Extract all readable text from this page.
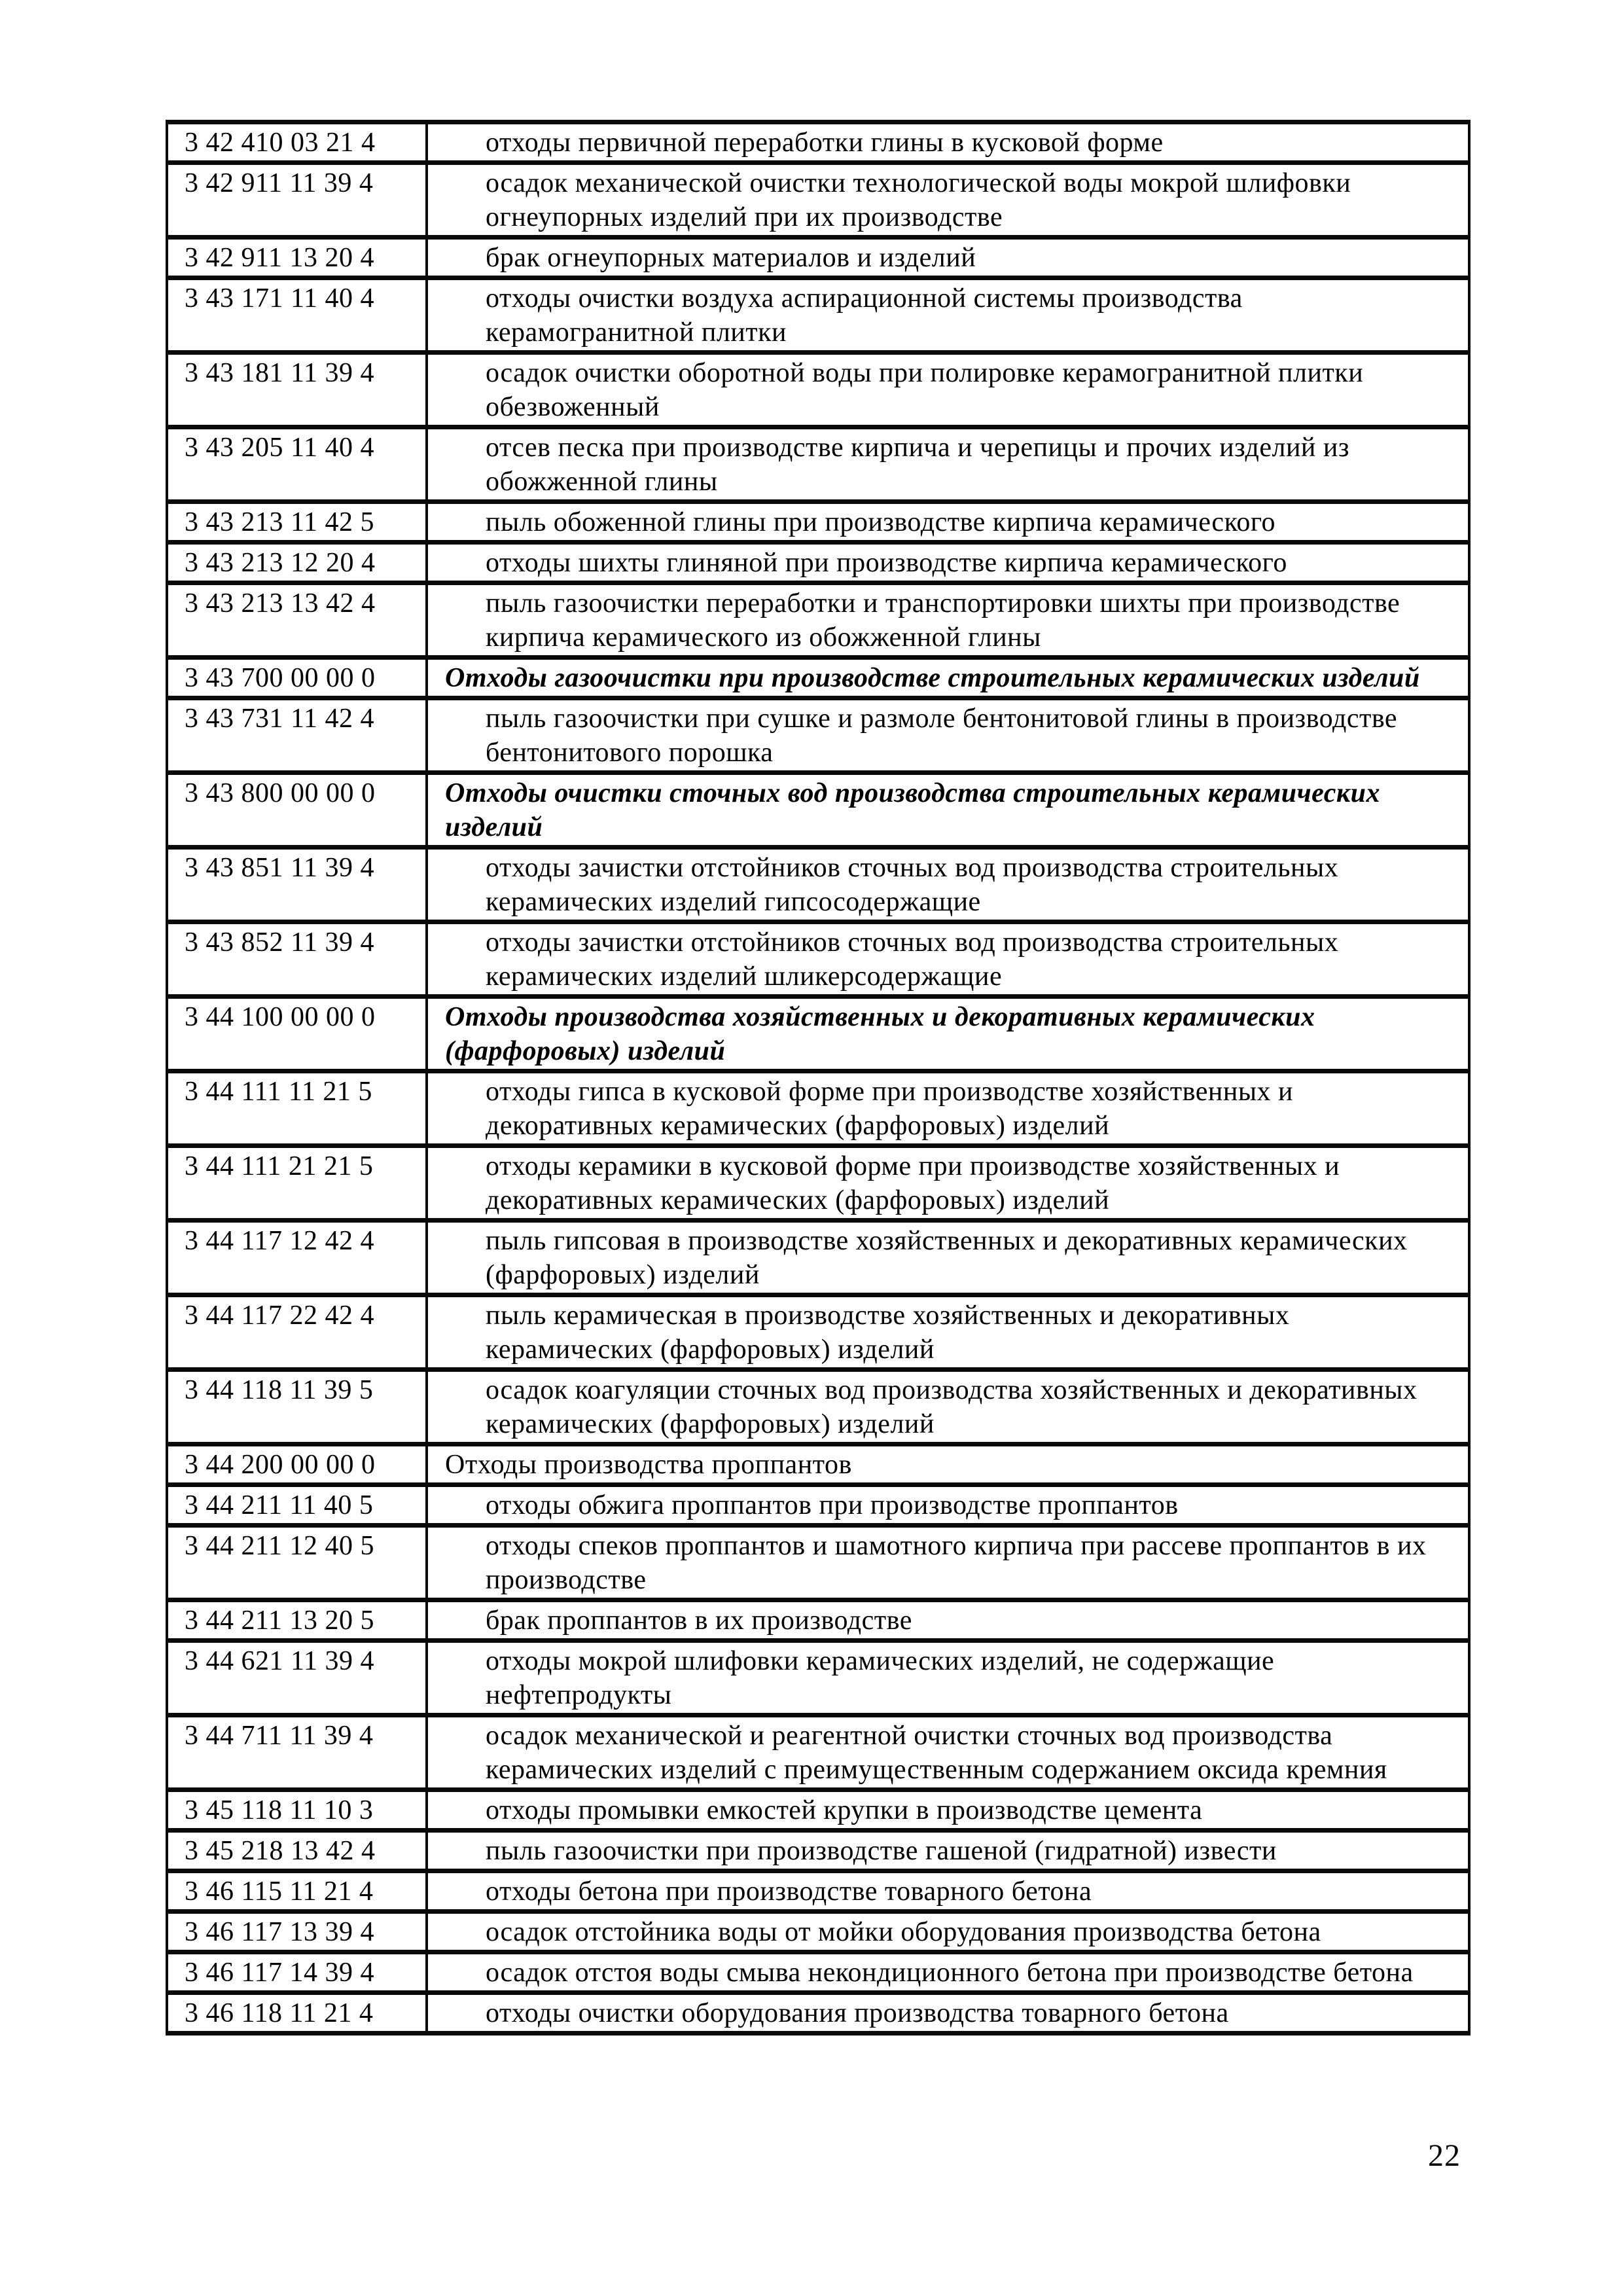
3 42 410 03 21 4	отходы первичной переработки глины в кусковой форме
3 42 911 11 39 4	осадок механической очистки технологической воды мокрой шлифовки огнеупорных изделий при их производстве
3 42 911 13 20 4	брак огнеупорных материалов и изделий
3 43 171 11 40 4	отходы очистки воздуха аспирационной системы производства керамогранитной плитки
3 43 181 11 39 4	осадок очистки оборотной воды при полировке керамогранитной плитки обезвоженный
3 43 205 11 40 4	отсев песка при производстве кирпича и черепицы и прочих изделий из обожженной глины
3 43 213 11 42 5	пыль обоженной глины при производстве кирпича керамического
3 43 213 12 20 4	отходы шихты глиняной при производстве кирпича керамического
3 43 213 13 42 4	пыль газоочистки переработки и транспортировки шихты при производстве кирпича керамического из обожженной глины
3 43 700 00 00 0	Отходы газоочистки при производстве строительных керамических изделий
3 43 731 11 42 4	пыль газоочистки при сушке и размоле бентонитовой глины в производстве бентонитового порошка
3 43 800 00 00 0	Отходы очистки сточных вод производства строительных керамических изделий
3 43 851 11 39 4	отходы зачистки отстойников сточных вод производства строительных керамических изделий гипсосодержащие
3 43 852 11 39 4	отходы зачистки отстойников сточных вод производства строительных керамических изделий шликерсодержащие
3 44 100 00 00 0	Отходы производства хозяйственных и декоративных керамических (фарфоровых) изделий
3 44 111 11 21 5	отходы гипса в кусковой форме при производстве хозяйственных и декоративных керамических (фарфоровых) изделий
3 44 111 21 21 5	отходы керамики в кусковой форме при производстве хозяйственных и декоративных керамических (фарфоровых) изделий
3 44 117 12 42 4	пыль гипсовая в производстве хозяйственных и декоративных керамических (фарфоровых) изделий
3 44 117 22 42 4	пыль керамическая в производстве хозяйственных и декоративных керамических (фарфоровых) изделий
3 44 118 11 39 5	осадок коагуляции сточных вод производства хозяйственных и декоративных керамических (фарфоровых) изделий
3 44 200 00 00 0	Отходы производства проппантов
3 44 211 11 40 5	отходы обжига проппантов при производстве проппантов
3 44 211 12 40 5	отходы спеков проппантов и шамотного кирпича при рассеве проппантов в их производстве
3 44 211 13 20 5	брак проппантов в их производстве
3 44 621 11 39 4	отходы мокрой шлифовки керамических изделий, не содержащие нефтепродукты
3 44 711 11 39 4	осадок механической и реагентной очистки сточных вод производства керамических изделий с преимущественным содержанием оксида кремния
3 45 118 11 10 3	отходы промывки емкостей крупки в производстве цемента
3 45 218 13 42 4	пыль газоочистки при производстве гашеной (гидратной) извести
3 46 115 11 21 4	отходы бетона при производстве товарного бетона
3 46 117 13 39 4	осадок отстойника воды от мойки оборудования производства бетона
3 46 117 14 39 4	осадок отстоя воды смыва некондиционного бетона при производстве бетона
3 46 118 11 21 4	отходы очистки оборудования производства товарного бетона
22
